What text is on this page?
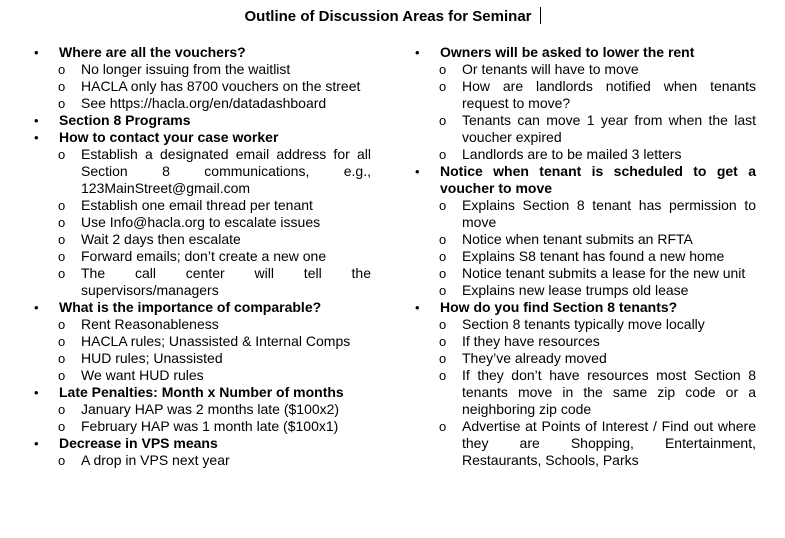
Outline of Discussion Areas for Seminar
• Where are all the vouchers?
o No longer issuing from the waitlist
o HACLA only has 8700 vouchers on the street
o See https://hacla.org/en/datadashboard
• Section 8 Programs
• How to contact your case worker
o Establish a designated email address for all Section 8 communications, e.g., 123MainStreet@gmail.com
o Establish one email thread per tenant
o Use Info@hacla.org to escalate issues
o Wait 2 days then escalate
o Forward emails; don’t create a new one
o The call center will tell the supervisors/managers
• What is the importance of comparable?
o Rent Reasonableness
o HACLA rules; Unassisted & Internal Comps
o HUD rules; Unassisted
o We want HUD rules
• Late Penalties: Month x Number of months
o January HAP was 2 months late ($100x2)
o February HAP was 1 month late ($100x1)
• Decrease in VPS means
o A drop in VPS next year
• Owners will be asked to lower the rent
o Or tenants will have to move
o How are landlords notified when tenants request to move?
o Tenants can move 1 year from when the last voucher expired
o Landlords are to be mailed 3 letters
• Notice when tenant is scheduled to get a voucher to move
o Explains Section 8 tenant has permission to move
o Notice when tenant submits an RFTA
o Explains S8 tenant has found a new home
o Notice tenant submits a lease for the new unit
o Explains new lease trumps old lease
• How do you find Section 8 tenants?
o Section 8 tenants typically move locally
o If they have resources
o They’ve already moved
o If they don’t have resources most Section 8 tenants move in the same zip code or a neighboring zip code
o Advertise at Points of Interest / Find out where they are Shopping, Entertainment, Restaurants, Schools, Parks
